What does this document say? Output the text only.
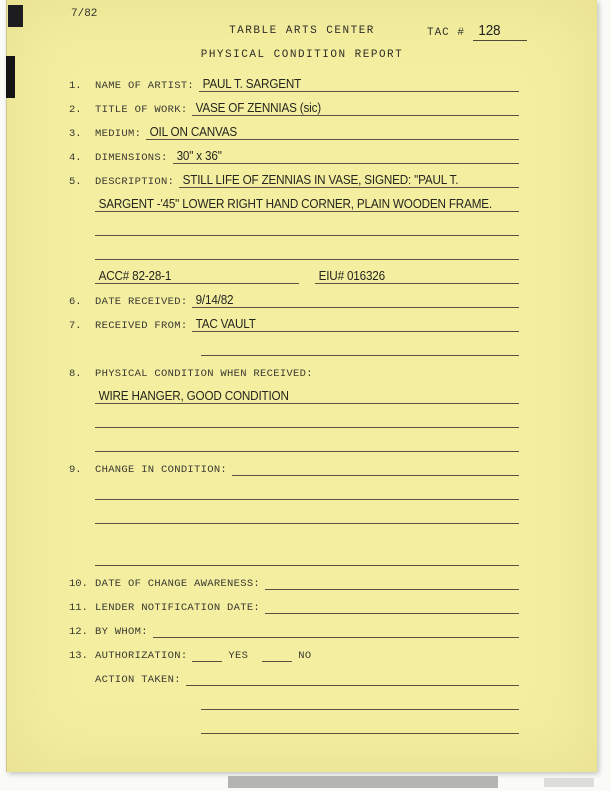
7/82
TARBLE ARTS CENTER	TAC # 128
PHYSICAL CONDITION REPORT
1.	NAME OF ARTIST: PAUL T. SARGENT
2.	TITLE OF WORK: VASE OF ZENNIAS (sic)
3.	MEDIUM: OIL ON CANVAS
4.	DIMENSIONS: 30" x 36"
5.	DESCRIPTION: STILL LIFE OF ZENNIAS IN VASE, SIGNED: "PAUL T.
SARGENT -'45" LOWER RIGHT HAND CORNER, PLAIN WOODEN FRAME.
ACC# 82-28-1	EIU# 016326
6.	DATE RECEIVED: 9/14/82
7.	RECEIVED FROM: TAC VAULT
8.	PHYSICAL CONDITION WHEN RECEIVED:
WIRE HANGER, GOOD CONDITION
9.	CHANGE IN CONDITION:
10. DATE OF CHANGE AWARENESS:
11. LENDER NOTIFICATION DATE:
12. BY WHOM:
13. AUTHORIZATION:	YES	NO
ACTION TAKEN:
